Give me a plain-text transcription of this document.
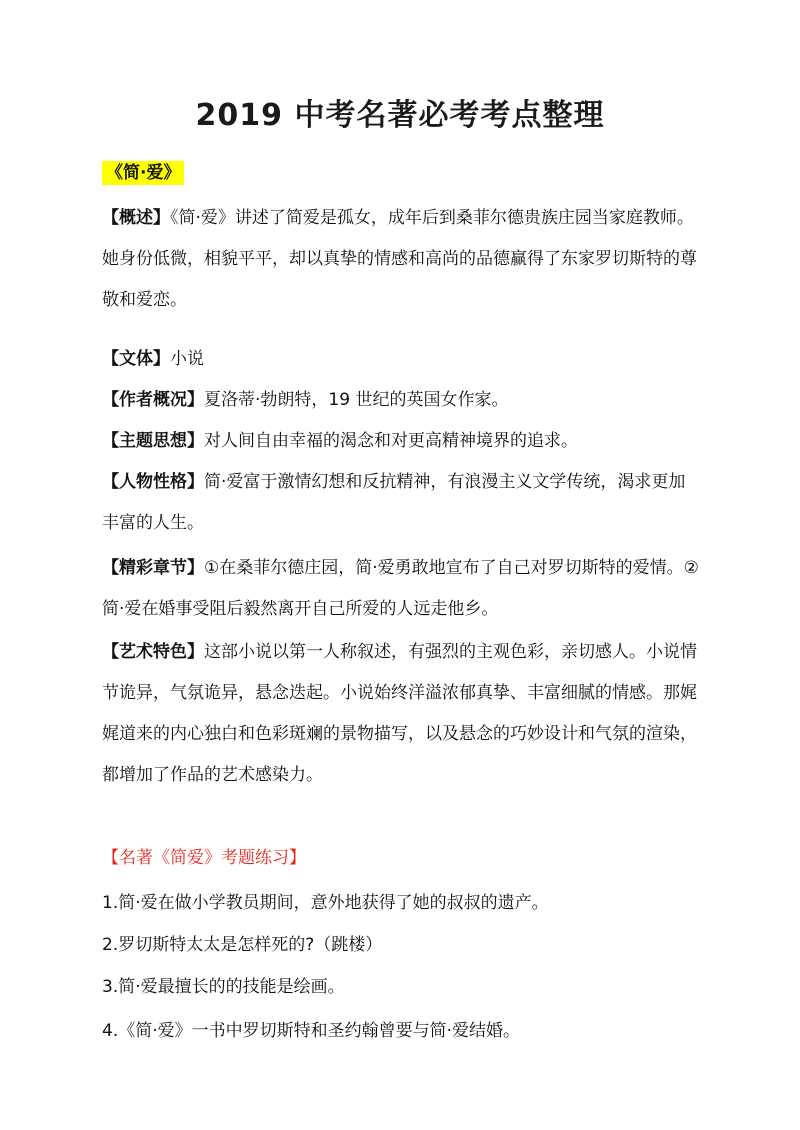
2019 中考名著必考考点整理
《简·爱》
【概述】《简·爱》讲述了简爱是孤女，成年后到桑菲尔德贵族庄园当家庭教师。她身份低微，相貌平平，却以真挚的情感和高尚的品德赢得了东家罗切斯特的尊敬和爱恋。
【文体】小说
【作者概况】夏洛蒂·勃朗特，19 世纪的英国女作家。
【主题思想】对人间自由幸福的渴念和对更高精神境界的追求。
【人物性格】简·爱富于激情幻想和反抗精神，有浪漫主义文学传统，渴求更加丰富的人生。
【精彩章节】①在桑菲尔德庄园，简·爱勇敢地宣布了自己对罗切斯特的爱情。②简·爱在婚事受阻后毅然离开自己所爱的人远走他乡。
【艺术特色】这部小说以第一人称叙述，有强烈的主观色彩，亲切感人。小说情节诡异，气氛诡异，悬念迭起。小说始终洋溢浓郁真挚、丰富细腻的情感。那娓娓道来的内心独白和色彩斑斓的景物描写，以及悬念的巧妙设计和气氛的渲染，都增加了作品的艺术感染力。
【名著《简爱》考题练习】
1.简·爱在做小学教员期间，意外地获得了她的叔叔的遗产。
2.罗切斯特太太是怎样死的?（跳楼）
3.简·爱最擅长的的技能是绘画。
4.《简·爱》一书中罗切斯特和圣约翰曾要与简·爱结婚。
